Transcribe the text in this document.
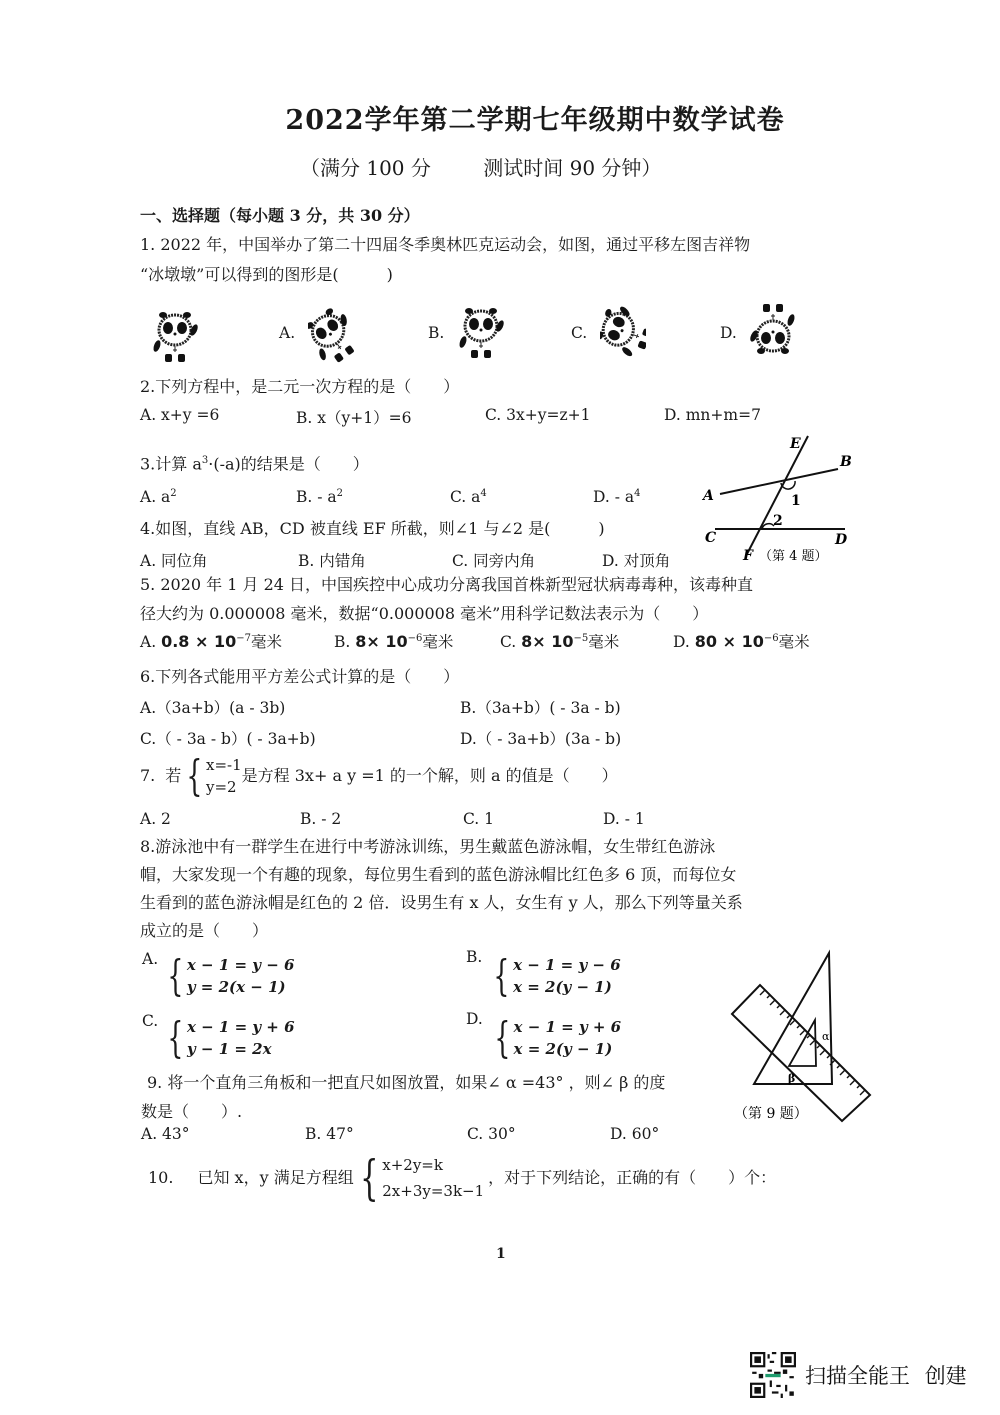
2022学年第二学期七年级期中数学试卷
（满分 100 分	测试时间 90 分钟）
一、选择题（每小题 3 分，共 30 分）
1. 2022 年，中国举办了第二十四届冬季奥林匹克运动会，如图，通过平移左图吉祥物
“冰墩墩”可以得到的图形是(　　　)
A.	B.	C.	D.
2.下列方程中，是二元一次方程的是（　　）
A. x+y =6	B. x（y+1）=6	C. 3x+y=z+1	D. mn+m=7
3.计算 $a^3\cdot(-a)$的结果是（　　）
A. $a^2$	B. - $a^2$	C. $a^4$	D. - $a^4$
4.如图，直线 AB，CD 被直线 EF 所截，则∠1 与∠2 是(　　　)
A. 同位角	B. 内错角	C. 同旁内角	D. 对顶角
E
B
A	1
2
C	D
F （第 4 题）
5. 2020 年 1 月 24 日，中国疾控中心成功分离我国首株新型冠状病毒毒种，该毒种直
径大约为 0.000008 毫米，数据“0.000008 毫米”用科学记数法表示为（　　）
A. $0.8 \times 10^{-7}$毫米	B. $8\times 10^{-6}$毫米	C. $8\times 10^{-5}$毫米	D. $80 \times 10^{-6}$毫米
6.下列各式能用平方差公式计算的是（　　）
A.（3a+b）(a - 3b)	B.（3a+b）( - 3a - b)
C.（ - 3a - b）( - 3a+b)	D.（ - 3a+b）(3a - b)
7. 若 { x=-1
y=2
是方程 3x+ a y =1 的一个解，则 a 的值是（　　）
A. 2	B. - 2	C. 1	D. - 1
8.游泳池中有一群学生在进行中考游泳训练，男生戴蓝色游泳帽，女生带红色游泳
帽，大家发现一个有趣的现象，每位男生看到的蓝色游泳帽比红色多 6 顶，而每位女
生看到的蓝色游泳帽是红色的 2 倍．设男生有 x 人，女生有 y 人，那么下列等量关系
成立的是（　　）
A. { x − 1 = y − 6
y = 2(x − 1)
B. { x − 1 = y − 6
x = 2(y − 1)
C. { x − 1 = y + 6
y − 1 = 2x
D. { x − 1 = y + 6
x = 2(y − 1)
α
β
（第 9 题）
9. 将一个直角三角板和一把直尺如图放置，如果∠ α =43° ，则∠ β 的度
数是（　　）.
A. 43°	B. 47°	C. 30°	D. 60°
10. 已知 x，y 满足方程组 { x+2y=k
2x+3y=3k−1
，对于下列结论，正确的有（　　）个：
1
扫描全能王 创建
